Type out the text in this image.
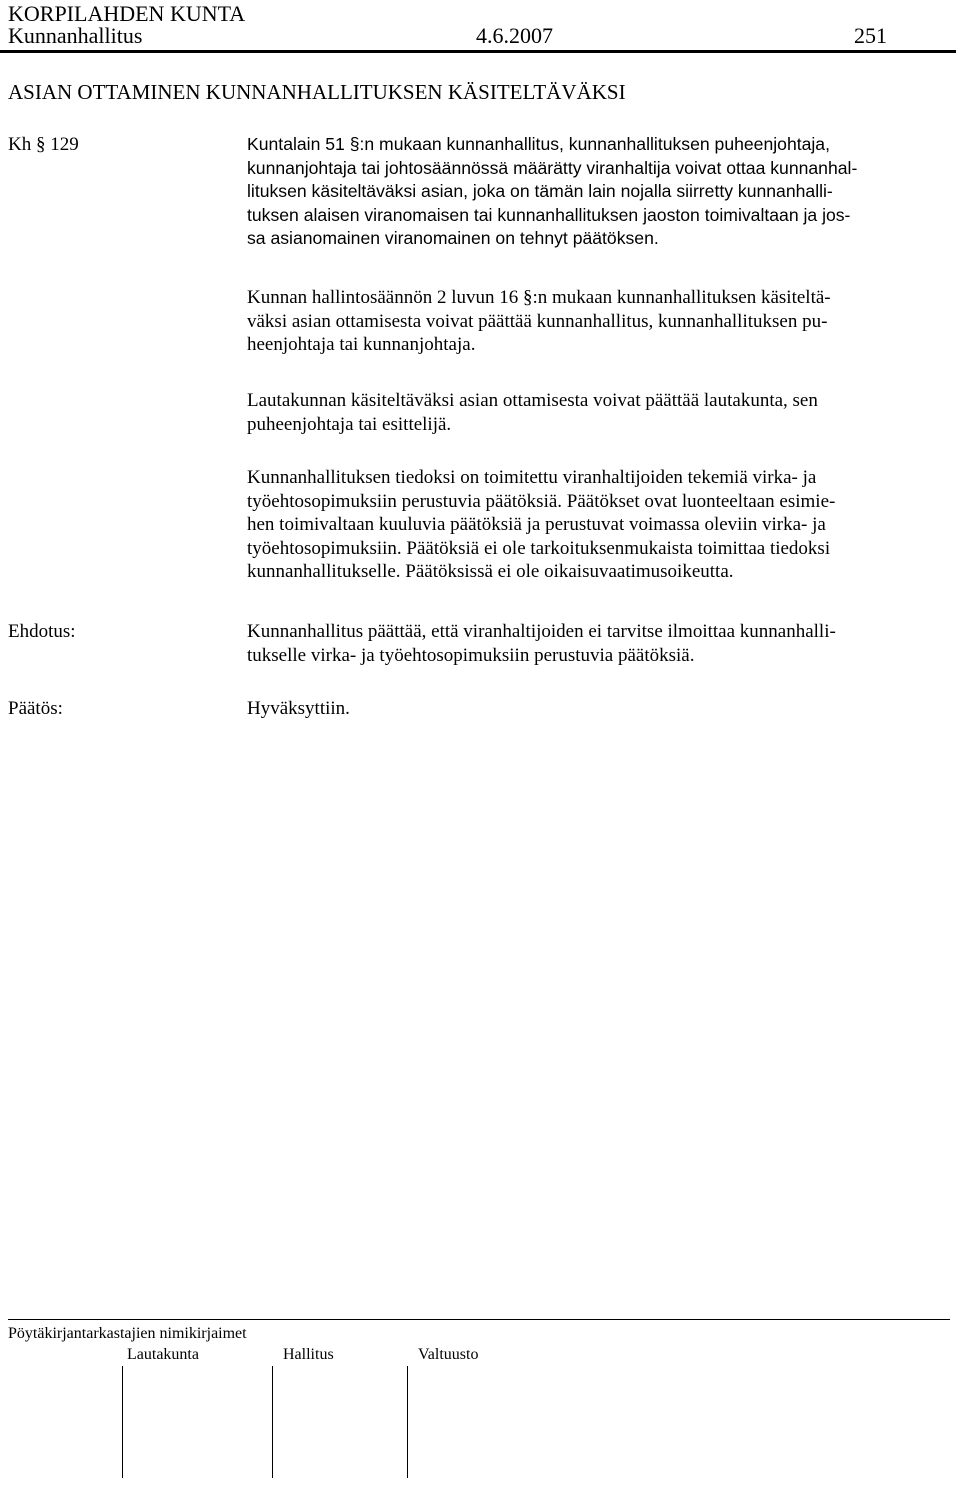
KORPILAHDEN KUNTA
Kunnanhallitus	4.6.2007	251
ASIAN OTTAMINEN KUNNANHALLITUKSEN KÄSITELTÄVÄKSI
Kh § 129	Kuntalain 51 §:n mukaan kunnanhallitus, kunnanhallituksen puheenjohtaja,
kunnanjohtaja tai johtosäännössä määrätty viranhaltija voivat ottaa kunnanhal-
lituksen käsiteltäväksi asian, joka on tämän lain nojalla siirretty kunnanhalli-
tuksen alaisen viranomaisen tai kunnanhallituksen jaoston toimivaltaan ja jos-
sa asianomainen viranomainen on tehnyt päätöksen.
Kunnan hallintosäännön 2 luvun 16 §:n mukaan kunnanhallituksen käsiteltä-
väksi asian ottamisesta voivat päättää kunnanhallitus, kunnanhallituksen pu-
heenjohtaja tai kunnanjohtaja.
Lautakunnan käsiteltäväksi asian ottamisesta voivat päättää lautakunta, sen
puheenjohtaja tai esittelijä.
Kunnanhallituksen tiedoksi on toimitettu viranhaltijoiden tekemiä virka- ja
työehtosopimuksiin perustuvia päätöksiä. Päätökset ovat luonteeltaan esimie-
hen toimivaltaan kuuluvia päätöksiä ja perustuvat voimassa oleviin virka- ja
työehtosopimuksiin. Päätöksiä ei ole tarkoituksenmukaista toimittaa tiedoksi
kunnanhallitukselle. Päätöksissä ei ole oikaisuvaatimusoikeutta.
Ehdotus:	Kunnanhallitus päättää, että viranhaltijoiden ei tarvitse ilmoittaa kunnanhalli-
tukselle virka- ja työehtosopimuksiin perustuvia päätöksiä.
Päätös:	Hyväksyttiin.
Pöytäkirjantarkastajien nimikirjaimet
Lautakunta	Hallitus	Valtuusto
